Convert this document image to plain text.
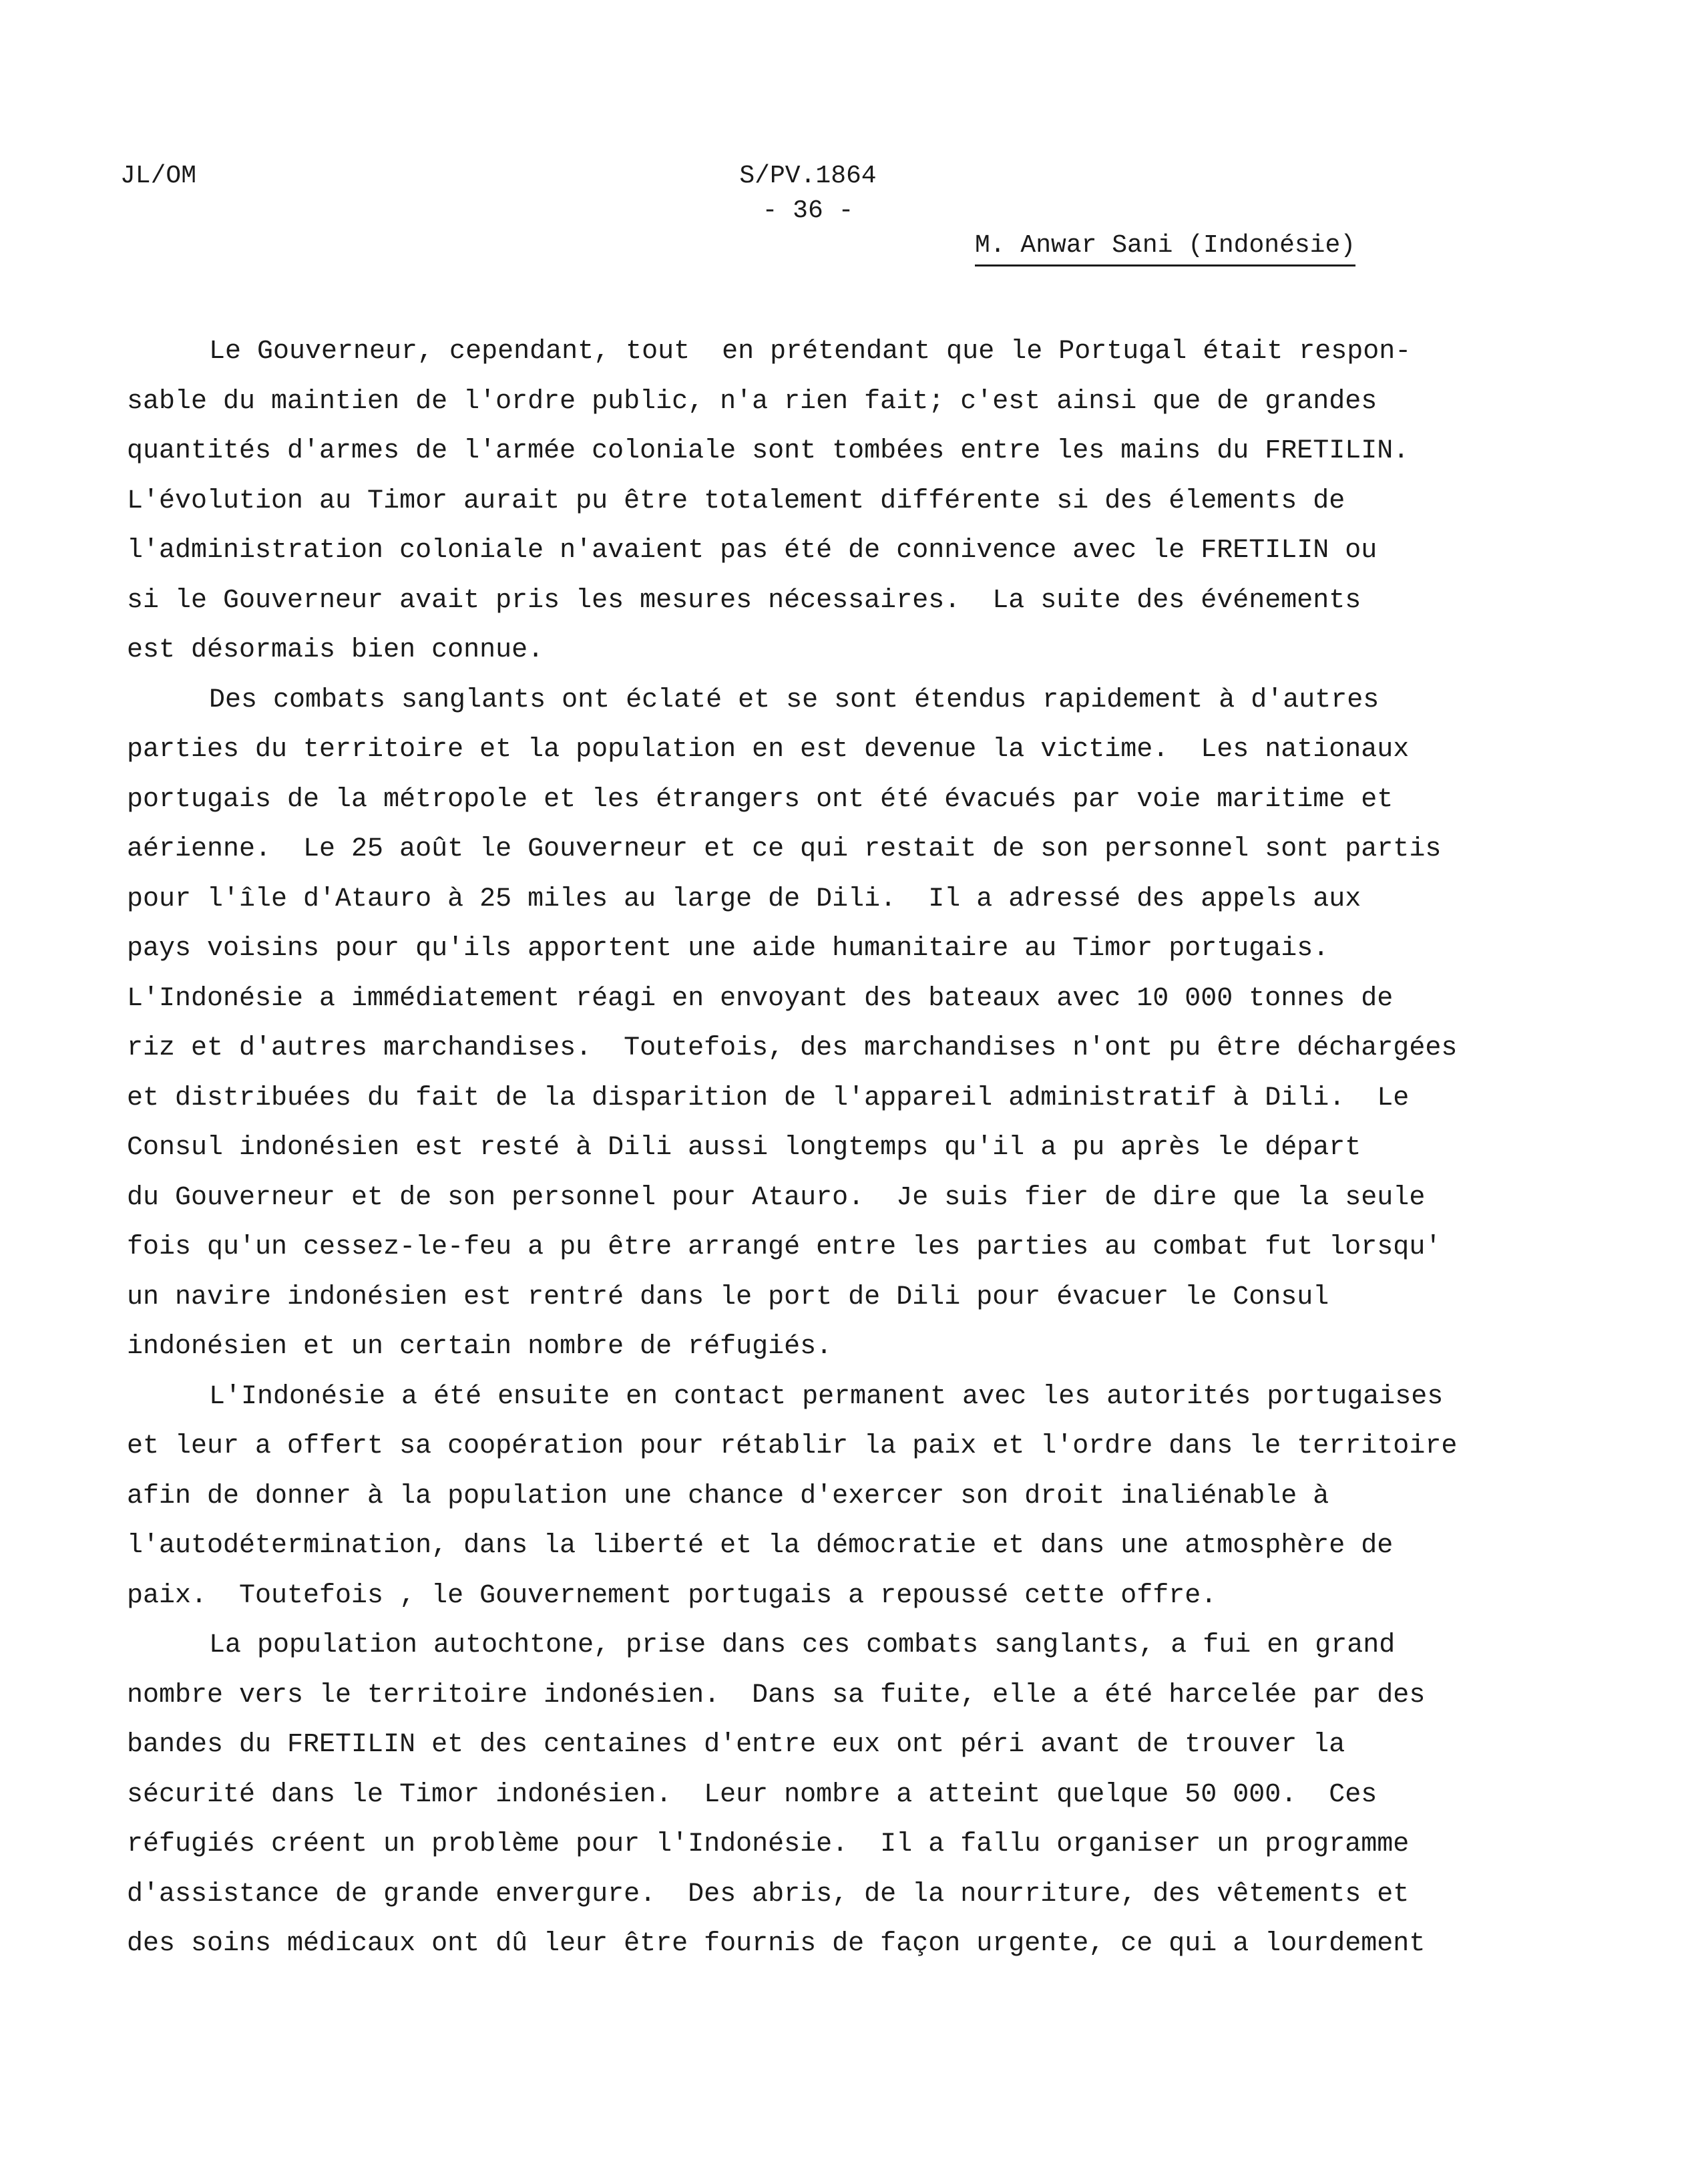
JL/OM	S/PV.1864
- 36 -
M. Anwar Sani (Indonésie)
Le Gouverneur, cependant, tout  en prétendant que le Portugal était respon-
sable du maintien de l'ordre public, n'a rien fait; c'est ainsi que de grandes
quantités d'armes de l'armée coloniale sont tombées entre les mains du FRETILIN.
L'évolution au Timor aurait pu être totalement différente si des élements de
l'administration coloniale n'avaient pas été de connivence avec le FRETILIN ou
si le Gouverneur avait pris les mesures nécessaires.  La suite des événements
est désormais bien connue.
Des combats sanglants ont éclaté et se sont étendus rapidement à d'autres
parties du territoire et la population en est devenue la victime.  Les nationaux
portugais de la métropole et les étrangers ont été évacués par voie maritime et
aérienne.  Le 25 août le Gouverneur et ce qui restait de son personnel sont partis
pour l'île d'Atauro à 25 miles au large de Dili.  Il a adressé des appels aux
pays voisins pour qu'ils apportent une aide humanitaire au Timor portugais.
L'Indonésie a immédiatement réagi en envoyant des bateaux avec 10 000 tonnes de
riz et d'autres marchandises.  Toutefois, des marchandises n'ont pu être déchargées
et distribuées du fait de la disparition de l'appareil administratif à Dili.  Le
Consul indonésien est resté à Dili aussi longtemps qu'il a pu après le départ
du Gouverneur et de son personnel pour Atauro.  Je suis fier de dire que la seule
fois qu'un cessez-le-feu a pu être arrangé entre les parties au combat fut lorsqu'
un navire indonésien est rentré dans le port de Dili pour évacuer le Consul
indonésien et un certain nombre de réfugiés.
L'Indonésie a été ensuite en contact permanent avec les autorités portugaises
et leur a offert sa coopération pour rétablir la paix et l'ordre dans le territoire
afin de donner à la population une chance d'exercer son droit inaliénable à
l'autodétermination, dans la liberté et la démocratie et dans une atmosphère de
paix.  Toutefois , le Gouvernement portugais a repoussé cette offre.
La population autochtone, prise dans ces combats sanglants, a fui en grand
nombre vers le territoire indonésien.  Dans sa fuite, elle a été harcelée par des
bandes du FRETILIN et des centaines d'entre eux ont péri avant de trouver la
sécurité dans le Timor indonésien.  Leur nombre a atteint quelque 50 000.  Ces
réfugiés créent un problème pour l'Indonésie.  Il a fallu organiser un programme
d'assistance de grande envergure.  Des abris, de la nourriture, des vêtements et
des soins médicaux ont dû leur être fournis de façon urgente, ce qui a lourdement
